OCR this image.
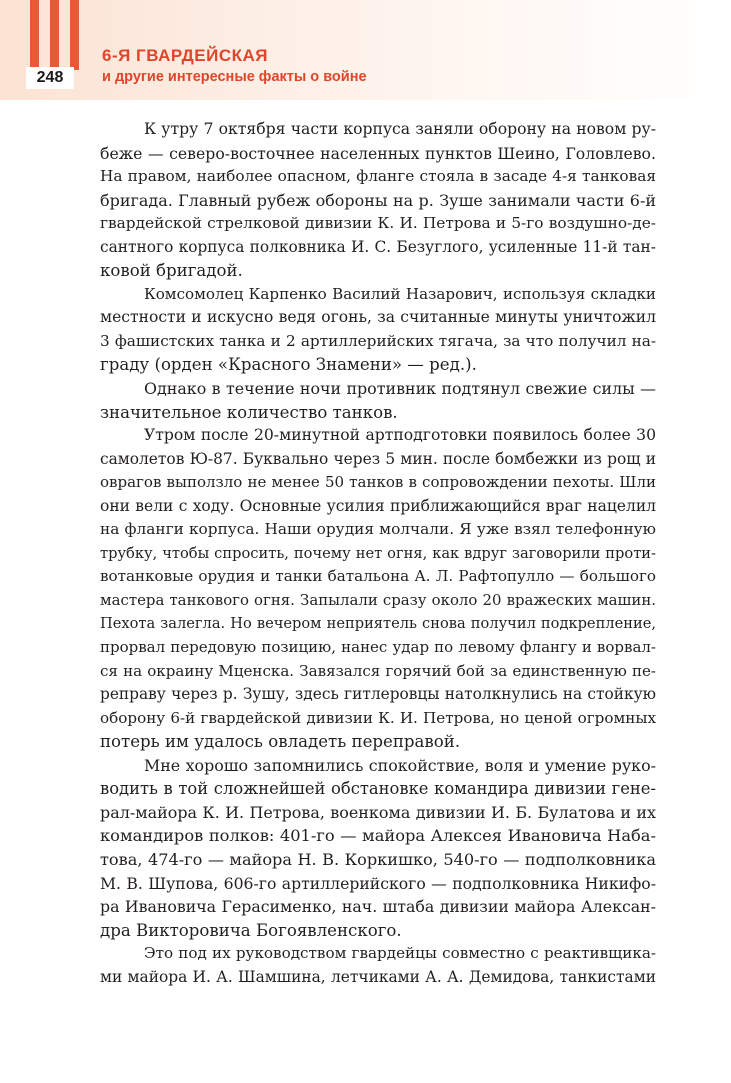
248
6-Я ГВАРДЕЙСКАЯ
и другие интересные факты о войне
К утру 7 октября части корпуса заняли оборону на новом ру-
беже — северо-восточнее населенных пунктов Шеино, Головлево.
На правом, наиболее опасном, фланге стояла в засаде 4-я танковая
бригада. Главный рубеж обороны на р. Зуше занимали части 6-й
гвардейской стрелковой дивизии К. И. Петрова и 5-го воздушно-де-
сантного корпуса полковника И. С. Безуглого, усиленные 11-й тан-
ковой бригадой.
Комсомолец Карпенко Василий Назарович, используя складки
местности и искусно ведя огонь, за считанные минуты уничтожил
3 фашистских танка и 2 артиллерийских тягача, за что получил на-
граду (орден «Красного Знамени» — ред.).
Однако в течение ночи противник подтянул свежие силы —
значительное количество танков.
Утром после 20-минутной артподготовки появилось более 30
самолетов Ю-87. Буквально через 5 мин. после бомбежки из рощ и
оврагов выползло не менее 50 танков в сопровождении пехоты. Шли
они вели с ходу. Основные усилия приближающийся враг нацелил
на фланги корпуса. Наши орудия молчали. Я уже взял телефонную
трубку, чтобы спросить, почему нет огня, как вдруг заговорили проти-
вотанковые орудия и танки батальона А. Л. Рафтопулло — большого
мастера танкового огня. Запылали сразу около 20 вражеских машин.
Пехота залегла. Но вечером неприятель снова получил подкрепление,
прорвал передовую позицию, нанес удар по левому флангу и ворвал-
ся на окраину Мценска. Завязался горячий бой за единственную пе-
реправу через р. Зушу, здесь гитлеровцы натолкнулись на стойкую
оборону 6-й гвардейской дивизии К. И. Петрова, но ценой огромных
потерь им удалось овладеть переправой.
Мне хорошо запомнились спокойствие, воля и умение руко-
водить в той сложнейшей обстановке командира дивизии гене-
рал-майора К. И. Петрова, военкома дивизии И. Б. Булатова и их
командиров полков: 401-го — майора Алексея Ивановича Наба-
това, 474-го — майора Н. В. Коркишко, 540-го — подполковника
М. В. Шупова, 606-го артиллерийского — подполковника Никифо-
ра Ивановича Герасименко, нач. штаба дивизии майора Алексан-
дра Викторовича Богоявленского.
Это под их руководством гвардейцы совместно с реактивщика-
ми майора И. А. Шамшина, летчиками А. А. Демидова, танкистами
